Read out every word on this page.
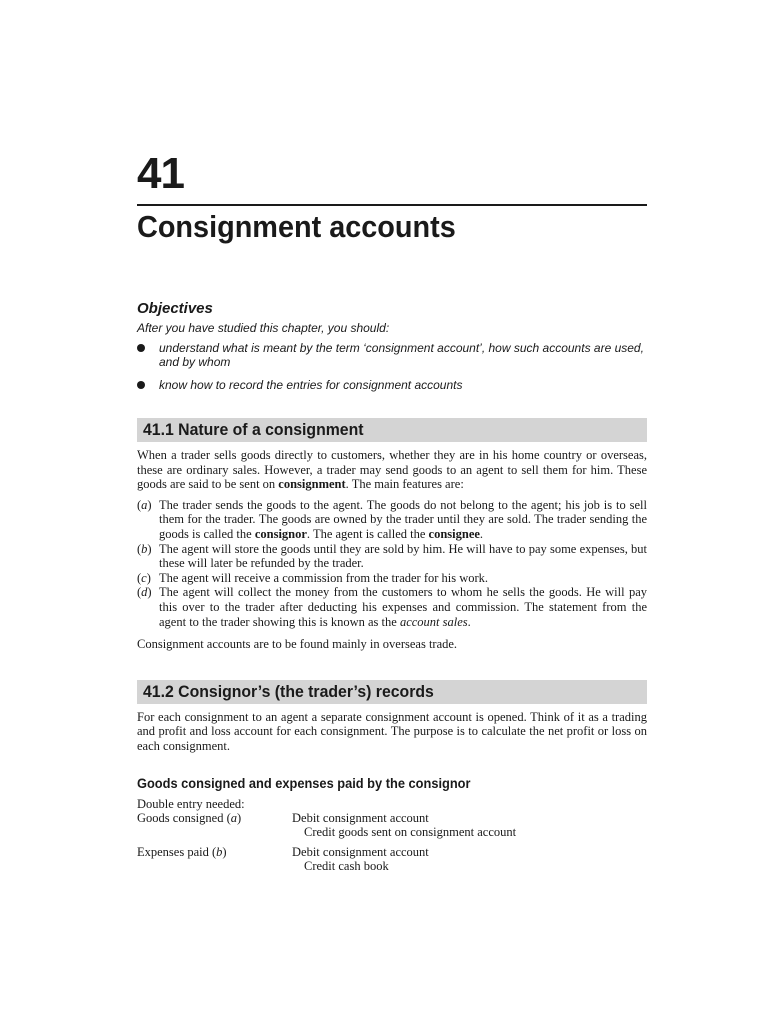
41
Consignment accounts
Objectives

After you have studied this chapter, you should:

understand what is meant by the term ‘consignment account’, how such accounts are used, and by whom
know how to record the entries for consignment accounts
41.1 Nature of a consignment

When a trader sells goods directly to customers, whether they are in his home country or overseas, these are ordinary sales. However, a trader may send goods to an agent to sell them for him. These goods are said to be sent on consignment. The main features are:

(a) The trader sends the goods to the agent. The goods do not belong to the agent; his job is to sell them for the trader. The goods are owned by the trader until they are sold. The trader sending the goods is called the consignor. The agent is called the consignee.
(b) The agent will store the goods until they are sold by him. He will have to pay some expenses, but these will later be refunded by the trader.
(c) The agent will receive a commission from the trader for his work.
(d) The agent will collect the money from the customers to whom he sells the goods. He will pay this over to the trader after deducting his expenses and commission. The statement from the agent to the trader showing this is known as the account sales.

Consignment accounts are to be found mainly in overseas trade.

41.2 Consignor’s (the trader’s) records

For each consignment to an agent a separate consignment account is opened. Think of it as a trading and profit and loss account for each consignment. The purpose is to calculate the net profit or loss on each consignment.

Goods consigned and expenses paid by the consignor
Double entry needed:
Goods consigned (a)	Debit consignment account
Credit goods sent on consignment account
Expenses paid (b)	Debit consignment account
Credit cash book
